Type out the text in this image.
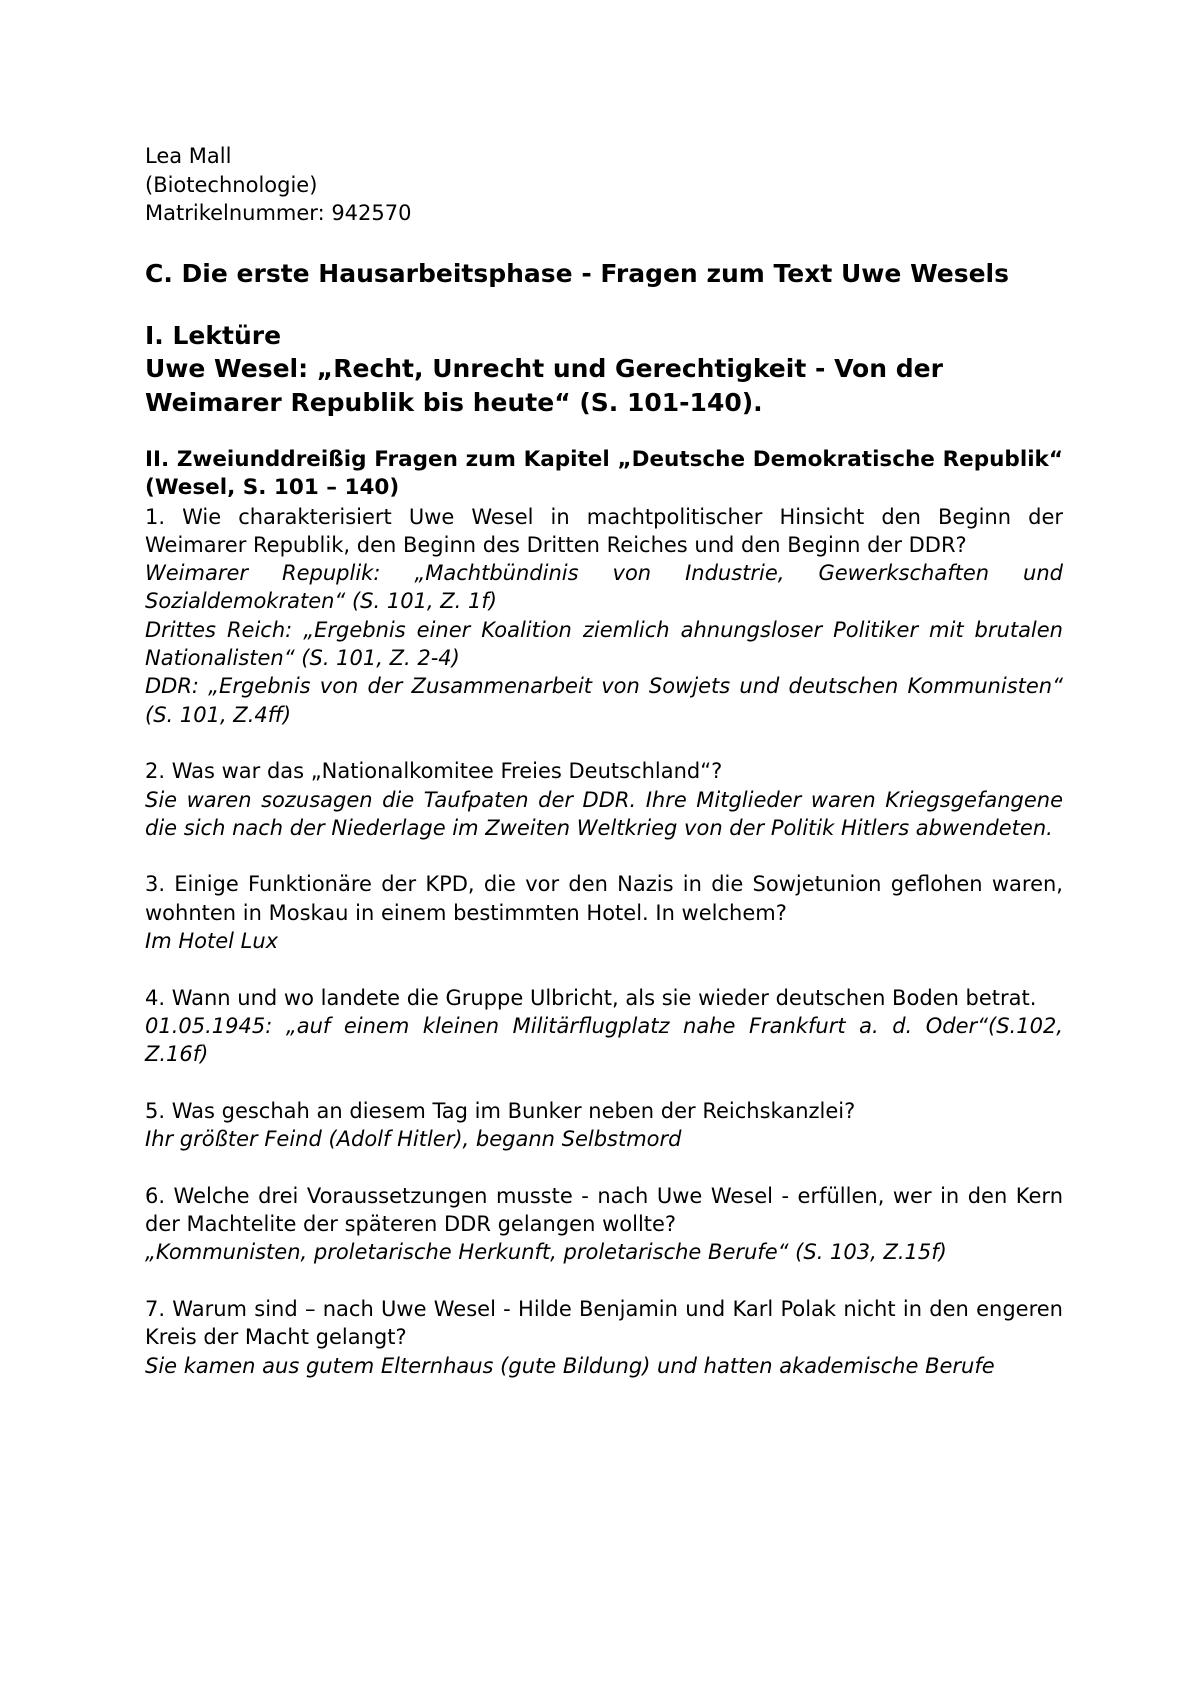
Lea Mall

(Biotechnologie)

Matrikelnummer: 942570

C. Die erste Hausarbeitsphase - Fragen zum Text Uwe Wesels
I. Lektüre
Uwe Wesel: „Recht, Unrecht und Gerechtigkeit - Von der Weimarer Republik bis heute“ (S. 101-140).
II. Zweiunddreißig Fragen zum Kapitel „Deutsche Demokratische Republik“ (Wesel, S. 101 – 140)

1. Wie charakterisiert Uwe Wesel in machtpolitischer Hinsicht den Beginn der Weimarer Republik, den Beginn des Dritten Reiches und den Beginn der DDR?

Weimarer Repuplik: „Machtbündinis von Industrie, Gewerkschaften und Sozialdemokraten“ (S. 101, Z. 1f)

Drittes Reich: „Ergebnis einer Koalition ziemlich ahnungsloser Politiker mit brutalen Nationalisten“ (S. 101, Z. 2-4)

DDR: „Ergebnis von der Zusammenarbeit von Sowjets und deutschen Kommunisten“ (S. 101, Z.4ff)

2. Was war das „Nationalkomitee Freies Deutschland“?

Sie waren sozusagen die Taufpaten der DDR. Ihre Mitglieder waren Kriegsgefangene die sich nach der Niederlage im Zweiten Weltkrieg von der Politik Hitlers abwendeten.

3. Einige Funktionäre der KPD, die vor den Nazis in die Sowjetunion geflohen waren, wohnten in Moskau in einem bestimmten Hotel. In welchem?

Im Hotel Lux

4. Wann und wo landete die Gruppe Ulbricht, als sie wieder deutschen Boden betrat.

01.05.1945: „auf einem kleinen Militärflugplatz nahe Frankfurt a. d. Oder“(S.102, Z.16f)

5. Was geschah an diesem Tag im Bunker neben der Reichskanzlei?

Ihr größter Feind (Adolf Hitler), begann Selbstmord

6. Welche drei Voraussetzungen musste - nach Uwe Wesel - erfüllen, wer in den Kern der Machtelite der späteren DDR gelangen wollte?

„Kommunisten, proletarische Herkunft, proletarische Berufe“ (S. 103, Z.15f)

7. Warum sind – nach Uwe Wesel - Hilde Benjamin und Karl Polak nicht in den engeren Kreis der Macht gelangt?

Sie kamen aus gutem Elternhaus (gute Bildung) und hatten akademische Berufe
